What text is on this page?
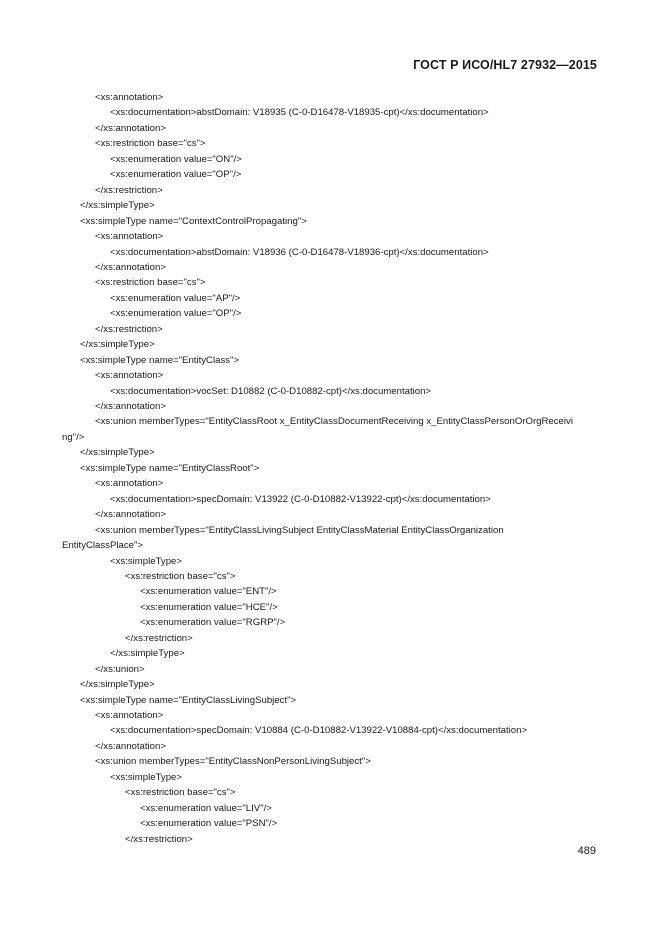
ГОСТ Р ИСО/HL7 27932—2015
<xs:annotation>
<xs:documentation>abstDomain: V18935 (C-0-D16478-V18935-cpt)</xs:documentation>
</xs:annotation>
<xs:restriction base="cs">
<xs:enumeration value="ON"/>
<xs:enumeration value="OP"/>
</xs:restriction>
</xs:simpleType>
<xs:simpleType name="ContextControlPropagating">
<xs:annotation>
<xs:documentation>abstDomain: V18936 (C-0-D16478-V18936-cpt)</xs:documentation>
</xs:annotation>
<xs:restriction base="cs">
<xs:enumeration value="AP"/>
<xs:enumeration value="OP"/>
</xs:restriction>
</xs:simpleType>
<xs:simpleType name="EntityClass">
<xs:annotation>
<xs:documentation>vocSet: D10882 (C-0-D10882-cpt)</xs:documentation>
</xs:annotation>
<xs:union memberTypes="EntityClassRoot x_EntityClassDocumentReceiving x_EntityClassPersonOrOrgReceivi
ng"/>
</xs:simpleType>
<xs:simpleType name="EntityClassRoot">
<xs:annotation>
<xs:documentation>specDomain: V13922 (C-0-D10882-V13922-cpt)</xs:documentation>
</xs:annotation>
<xs:union memberTypes="EntityClassLivingSubject EntityClassMaterial EntityClassOrganization
EntityClassPlace">
<xs:simpleType>
<xs:restriction base="cs">
<xs:enumeration value="ENT"/>
<xs:enumeration value="HCE"/>
<xs:enumeration value="RGRP"/>
</xs:restriction>
</xs:simpleType>
</xs:union>
</xs:simpleType>
<xs:simpleType name="EntityClassLivingSubject">
<xs:annotation>
<xs:documentation>specDomain: V10884 (C-0-D10882-V13922-V10884-cpt)</xs:documentation>
</xs:annotation>
<xs:union memberTypes="EntityClassNonPersonLivingSubject">
<xs:simpleType>
<xs:restriction base="cs">
<xs:enumeration value="LIV"/>
<xs:enumeration value="PSN"/>
</xs:restriction>
489
